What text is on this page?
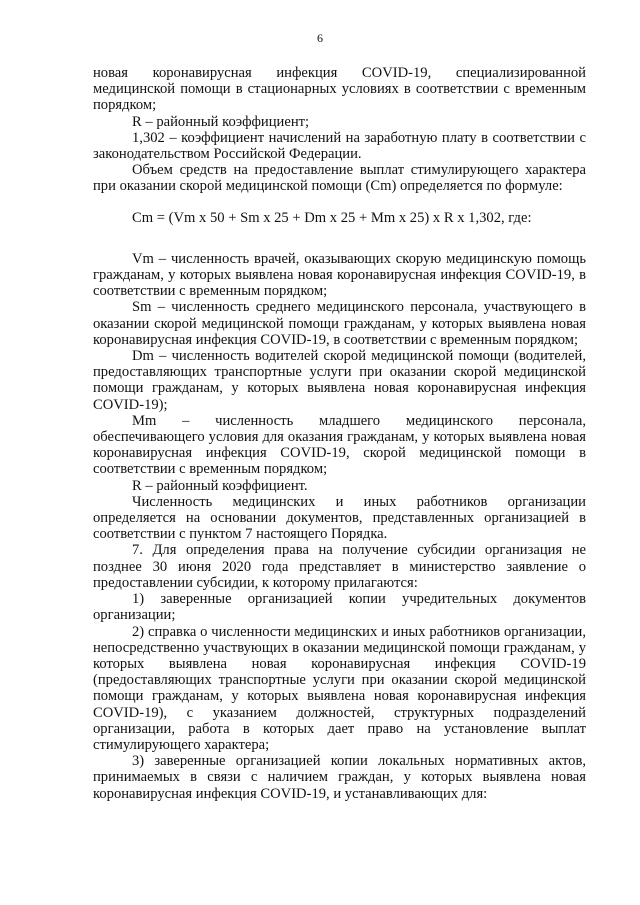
6

новая коронавирусная инфекция COVID-19, специализированной медицинской помощи в стационарных условиях в соответствии с временным порядком;

R – районный коэффициент;

1,302 – коэффициент начислений на заработную плату в соответствии с законодательством Российской Федерации.

Объем средств на предоставление выплат стимулирующего характера при оказании скорой медицинской помощи (Cm) определяется по формуле:

Cm = (Vm x 50 + Sm x 25 + Dm x 25 + Mm x 25) x R x 1,302, где:

Vm – численность врачей, оказывающих скорую медицинскую помощь гражданам, у которых выявлена новая коронавирусная инфекция COVID-19, в соответствии с временным порядком;

Sm – численность среднего медицинского персонала, участвующего в оказании скорой медицинской помощи гражданам, у которых выявлена новая коронавирусная инфекция COVID-19, в соответствии с временным порядком;

Dm – численность водителей скорой медицинской помощи (водителей, предоставляющих транспортные услуги при оказании скорой медицинской помощи гражданам, у которых выявлена новая коронавирусная инфекция COVID-19);

Mm – численность младшего медицинского персонала, обеспечивающего условия для оказания гражданам, у которых выявлена новая коронавирусная инфекция COVID-19, скорой медицинской помощи в соответствии с временным порядком;

R – районный коэффициент.

Численность медицинских и иных работников организации определяется на основании документов, представленных организацией в соответствии с пунктом 7 настоящего Порядка.

7. Для определения права на получение субсидии организация не позднее 30 июня 2020 года представляет в министерство заявление о предоставлении субсидии, к которому прилагаются:

1) заверенные организацией копии учредительных документов организации;

2) справка о численности медицинских и иных работников организации, непосредственно участвующих в оказании медицинской помощи гражданам, у которых выявлена новая коронавирусная инфекция COVID-19 (предоставляющих транспортные услуги при оказании скорой медицинской помощи гражданам, у которых выявлена новая коронавирусная инфекция COVID-19), с указанием должностей, структурных подразделений организации, работа в которых дает право на установление выплат стимулирующего характера;

3) заверенные организацией копии локальных нормативных актов, принимаемых в связи с наличием граждан, у которых выявлена новая коронавирусная инфекция COVID-19, и устанавливающих для:
